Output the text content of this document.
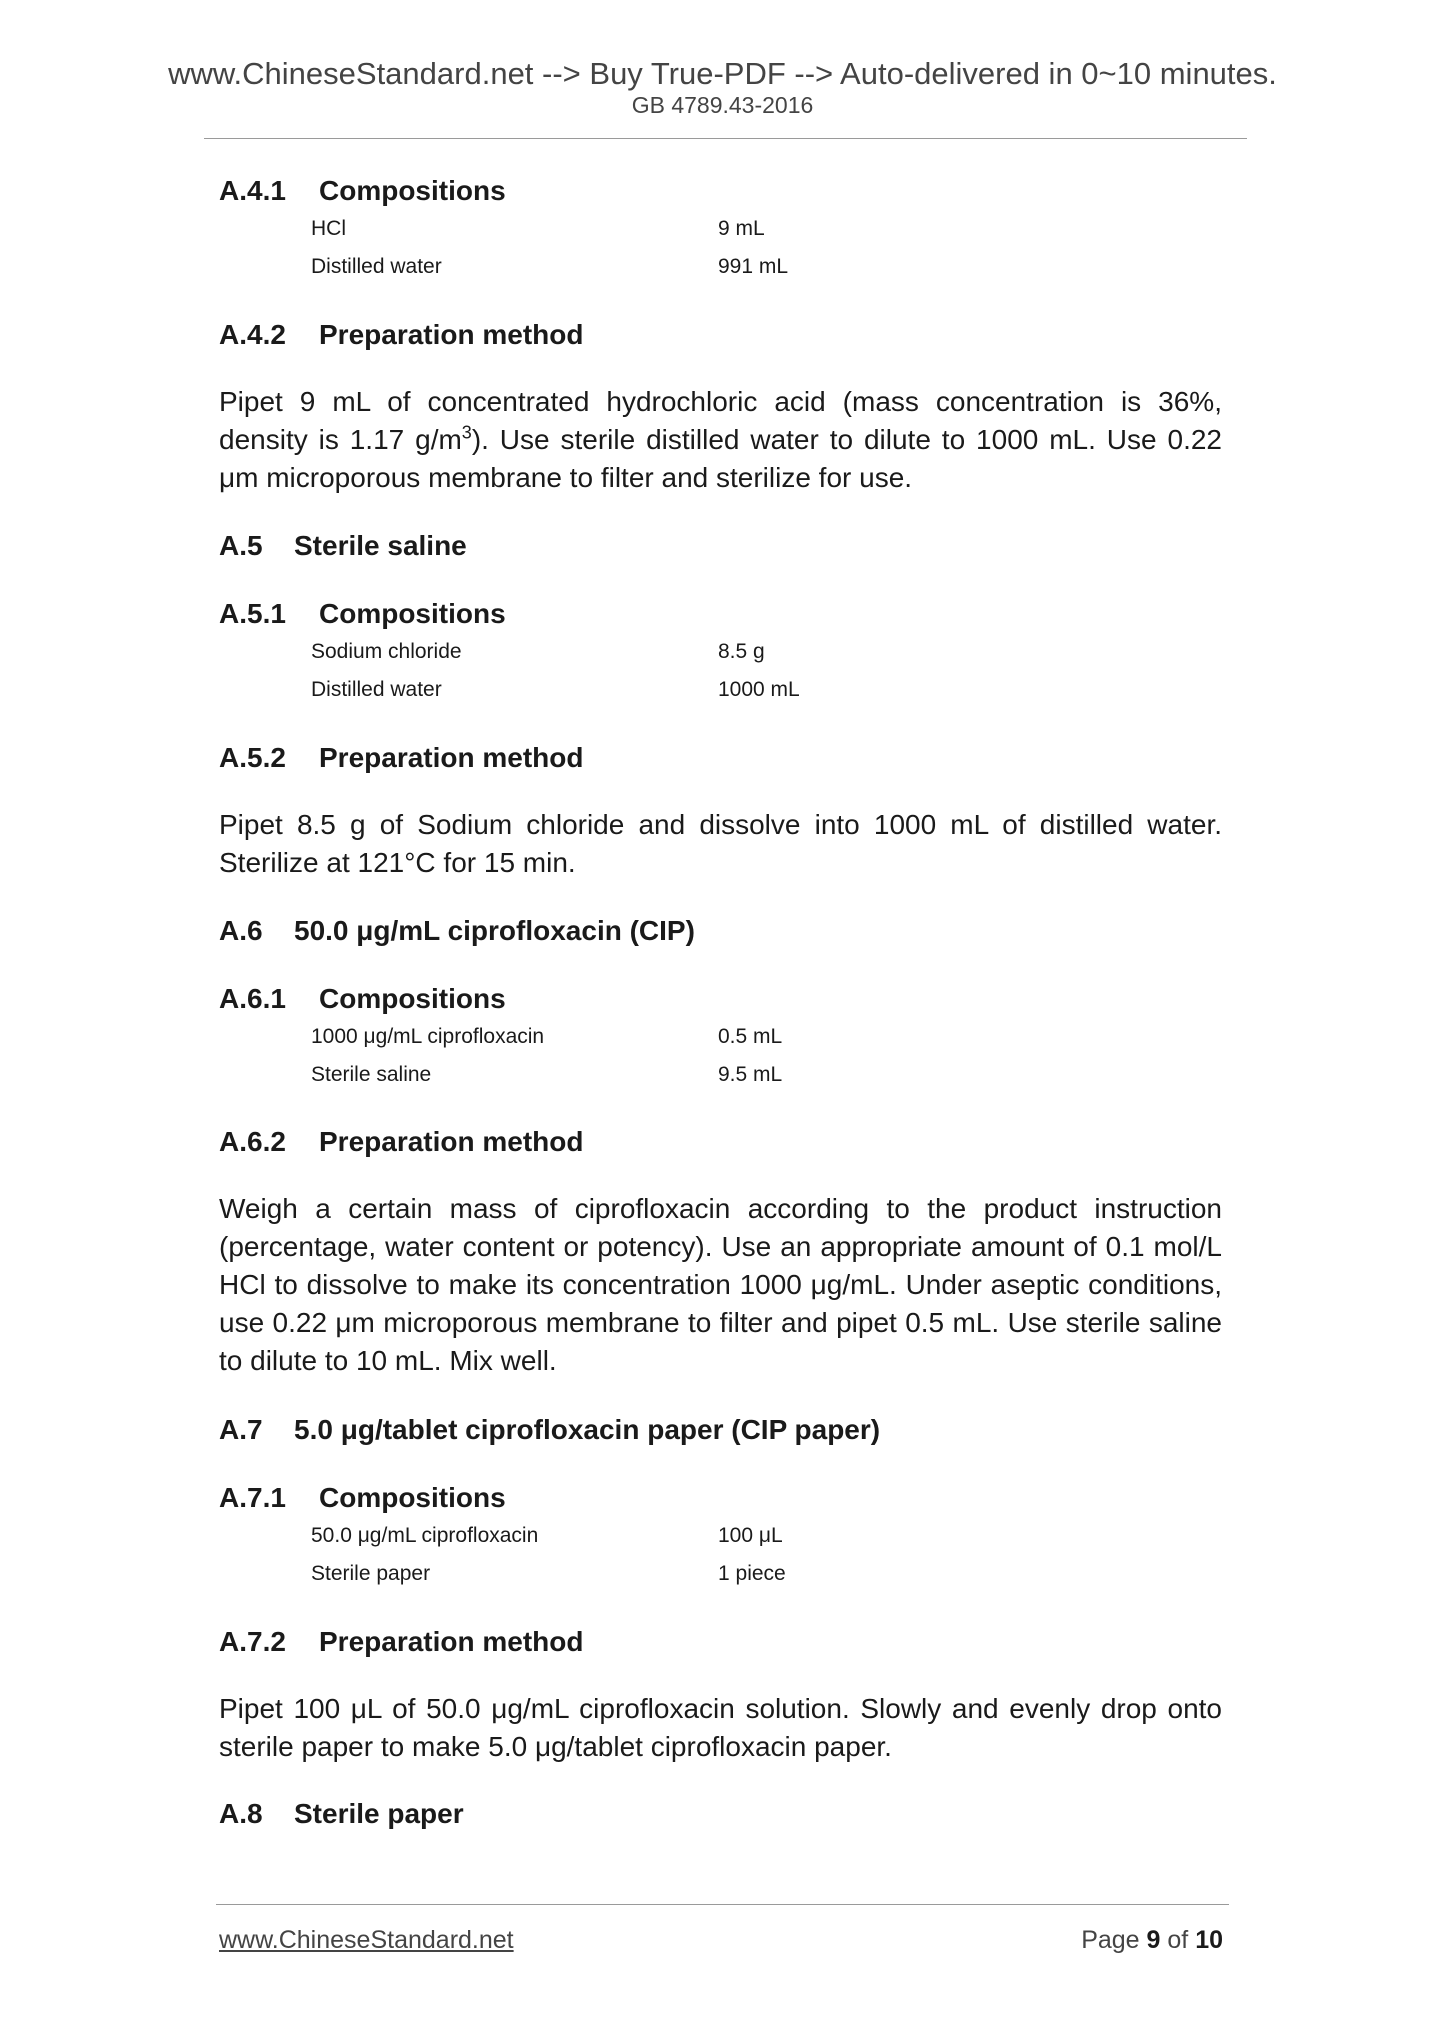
www.ChineseStandard.net --> Buy True-PDF --> Auto-delivered in 0~10 minutes.
GB 4789.43-2016
A.4.1 Compositions
HCl	9 mL
Distilled water	991 mL
A.4.2 Preparation method
Pipet 9 mL of concentrated hydrochloric acid (mass concentration is 36%, density is 1.17 $g/m^3$). Use sterile distilled water to dilute to 1000 mL. Use 0.22 μm microporous membrane to filter and sterilize for use.
A.5 Sterile saline
A.5.1 Compositions
Sodium chloride	8.5 g
Distilled water	1000 mL
A.5.2 Preparation method
Pipet 8.5 g of Sodium chloride and dissolve into 1000 mL of distilled water. Sterilize at 121°C for 15 min.
A.6 50.0 μg/mL ciprofloxacin (CIP)
A.6.1 Compositions
1000 μg/mL ciprofloxacin	0.5 mL
Sterile saline	9.5 mL
A.6.2 Preparation method
Weigh a certain mass of ciprofloxacin according to the product instruction (percentage, water content or potency). Use an appropriate amount of 0.1 mol/L HCl to dissolve to make its concentration 1000 μg/mL. Under aseptic conditions, use 0.22 μm microporous membrane to filter and pipet 0.5 mL. Use sterile saline to dilute to 10 mL. Mix well.
A.7 5.0 μg/tablet ciprofloxacin paper (CIP paper)
A.7.1 Compositions
50.0 μg/mL ciprofloxacin	100 μL
Sterile paper	1 piece
A.7.2 Preparation method
Pipet 100 μL of 50.0 μg/mL ciprofloxacin solution. Slowly and evenly drop onto sterile paper to make 5.0 μg/tablet ciprofloxacin paper.
A.8 Sterile paper
www.ChineseStandard.net	Page 9 of 10
